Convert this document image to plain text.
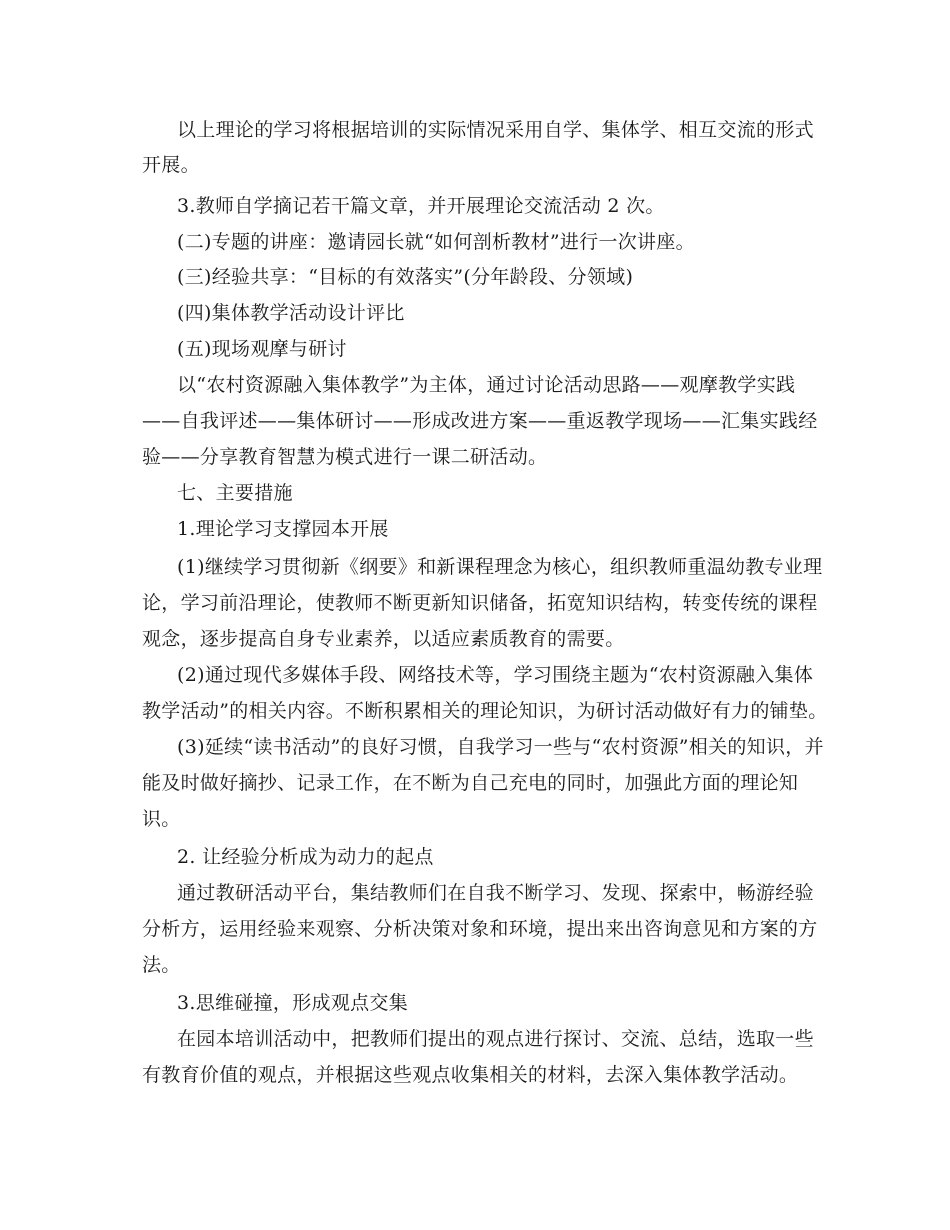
以上理论的学习将根据培训的实际情况采用自学、集体学、相互交流的形式
开展。
3.教师自学摘记若干篇文章，并开展理论交流活动 2 次。
(二)专题的讲座：邀请园长就“如何剖析教材”进行一次讲座。
(三)经验共享：“目标的有效落实”(分年龄段、分领域)
(四)集体教学活动设计评比
(五)现场观摩与研讨
以“农村资源融入集体教学”为主体，通过讨论活动思路——观摩教学实践
——自我评述——集体研讨——形成改进方案——重返教学现场——汇集实践经
验——分享教育智慧为模式进行一课二研活动。
七、主要措施
1.理论学习支撑园本开展
(1)继续学习贯彻新《纲要》和新课程理念为核心，组织教师重温幼教专业理
论，学习前沿理论，使教师不断更新知识储备，拓宽知识结构，转变传统的课程
观念，逐步提高自身专业素养，以适应素质教育的需要。
(2)通过现代多媒体手段、网络技术等，学习围绕主题为“农村资源融入集体
教学活动”的相关内容。不断积累相关的理论知识，为研讨活动做好有力的铺垫。
(3)延续“读书活动”的良好习惯，自我学习一些与“农村资源”相关的知识，并
能及时做好摘抄、记录工作，在不断为自己充电的同时，加强此方面的理论知
识。
2. 让经验分析成为动力的起点
通过教研活动平台，集结教师们在自我不断学习、发现、探索中，畅游经验
分析方，运用经验来观察、分析决策对象和环境，提出来出咨询意见和方案的方
法。
3.思维碰撞，形成观点交集
在园本培训活动中，把教师们提出的观点进行探讨、交流、总结，选取一些
有教育价值的观点，并根据这些观点收集相关的材料，去深入集体教学活动。
